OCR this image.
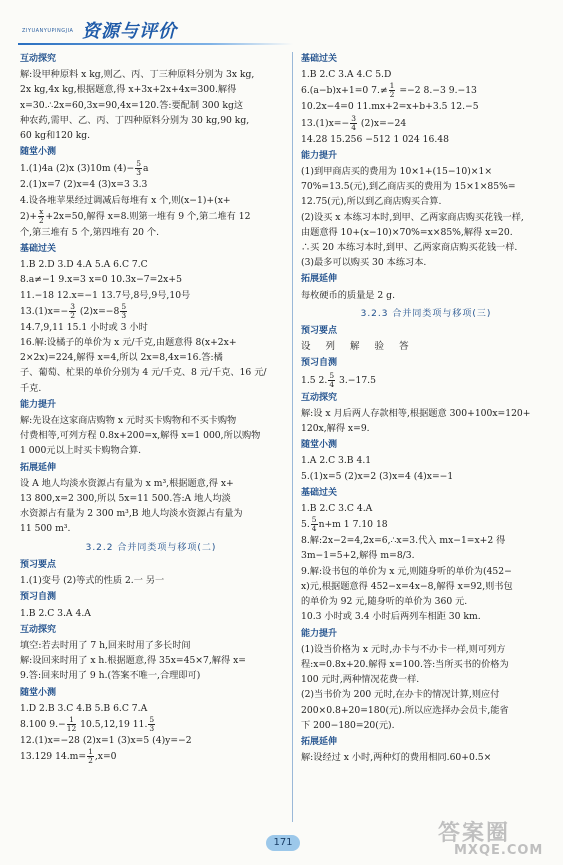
ZIYUANYUPINGJIA 资源与评价
互动探究
解:设甲种原料 x kg,则乙、丙、丁三种原料分别为 3x kg,
2x kg,4x kg,根据题意,得 x+3x+2x+4x=300.解得
x=30.∴2x=60,3x=90,4x=120.答:要配制 300 kg这
种农药,需甲、乙、丙、丁四种原料分别为 30 kg,90 kg,
60 kg和120 kg.
随堂小测
1.(1)4a (2)x (3)10m $(4)- \frac{5}{3}$ a
2.(1)x=7 (2)x=4 (3)x=3 3.3
4.设各堆苹果经过调减后每堆有 x 个,则(x−1)+(x+
$2)+ \frac{x}{2} +2x=50$,解得 x=8.则第一堆有 9 个,第二堆有 12
个,第三堆有 5 个,第四堆有 20 个.
基础过关
1.B 2.D 3.D 4.A 5.A 6.C 7.C
8.a≠−1 9.x=3 x=0 10.3x−7=2x+5
11.−18 12.x=−1 13.7号,8号,9号,10号
$13.(1)x=- \frac{3}{2} (2)x=-8 \frac{5}{3}$
14.7,9,11 15.1 小时或 3 小时
16.解:设橘子的单价为 x 元/千克,由题意得 8(x+2x+
2×2x)=224,解得 x=4,所以 2x=8,4x=16.答:橘
子、葡萄、杧果的单价分别为 4 元/千克、8 元/千克、16 元/
千克.
能力提升
解:先设在这家商店购物 x 元时买卡购物和不买卡购物
付费相等,可列方程 0.8x+200=x,解得 x=1 000,所以购物
1 000元以上时买卡购物合算.
拓展延伸
设 A 地人均淡水资源占有量为 x m³,根据题意,得 x+
13 800,x=2 300,所以 5x=11 500.答:A 地人均淡
水资源占有量为 2 300 m³,B 地人均淡水资源占有量为
11 500 m³.
3.2.2 合并同类项与移项(二)
预习要点
1.(1)变号 (2)等式的性质 2.一 另一
预习自测
1.B 2.C 3.A 4.A
互动探究
填空:若去时用了 7 h,回来时用了多长时间
解:设回来时用了 x h.根据题意,得 35x=45×7,解得 x=
9.答:回来时用了 9 h.(答案不唯一,合理即可)
随堂小测
1.D 2.B 3.C 4.B 5.B 6.C 7.A
8.100 $9.- \frac{1}{12} 10.5,12,19$ 11. $\frac{5}{3}$
12.(1)x=−28 (2)x=1 (3)x=5 (4)y=−2
13.129 $14.m= \frac{1}{2} ,x=0$
基础过关
1.B 2.C 3.A 4.C 5.D
6.(a−b)x+1=0 $7.\ne \frac{1}{2} =-2$ 8.−3 9.−13
10.2x−4=0 11.mx+2=x+b+3.5 12.−5
$13.(1)x=- \frac{3}{4} (2)x=-24$
14.28 15.256 −512 1 024 16.48
能力提升
(1)到甲商店买的费用为 10×1+(15−10)×1×
70%=13.5(元),到乙商店买的费用为 15×1×85%=
12.75(元),所以到乙商店购买合算.
(2)设买 x 本练习本时,到甲、乙两家商店购买花钱一样,
由题意得 10+(x−10)×70%=x×85%,解得 x=20.
∴买 20 本练习本时,到甲、乙两家商店购买花钱一样.
(3)最多可以购买 30 本练习本.
拓展延伸
每枚硬币的质量是 2 g.
3.2.3 合并同类项与移项(三)
预习要点
设 列 解 验 答
预习自测
1.5 2. $\frac{5}{4} 3.-17.5$
互动探究
解:设 x 月后两人存款相等,根据题意 300+100x=120+
120x,解得 x=9.
随堂小测
1.A 2.C 3.B 4.1
5.(1)x=5 (2)x=2 (3)x=4 (4)x=−1
基础过关
1.B 2.C 3.C 4.A
5. $\frac{5}{4} n+m$ 1 7.10 18
8.解:2x−2=4,2x=6,∴x=3.代入 mx−1=x+2 得
3m−1=5+2,解得 m=8/3.
9.解:设书包的单价为 x 元,则随身听的单价为(452−
x)元,根据题意得 452−x=4x−8,解得 x=92,则书包
的单价为 92 元,随身听的单价为 360 元.
10.3 小时或 3.4 小时后两列车相距 30 km.
能力提升
(1)设当价格为 x 元时,办卡与不办卡一样,则可列方
程:x=0.8x+20.解得 x=100.答:当所买书的价格为
100 元时,两种情况花费一样.
(2)当书价为 200 元时,在办卡的情况计算,则应付
200×0.8+20=180(元).所以应选择办会员卡,能省
下 200−180=20(元).
拓展延伸
解:设经过 x 小时,两种灯的费用相同.60+0.5×
171	答案圈
MXQE.COM
